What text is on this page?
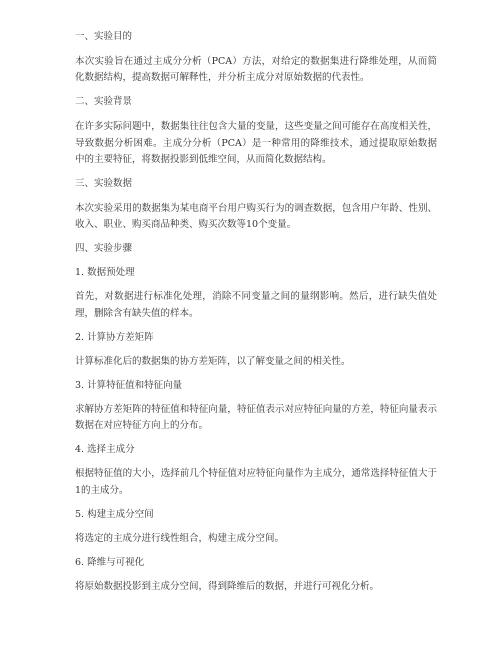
一、实验目的
本次实验旨在通过主成分分析（PCA）方法，对给定的数据集进行降维处理，从而简化数据结构，提高数据可解释性，并分析主成分对原始数据的代表性。
二、实验背景
在许多实际问题中，数据集往往包含大量的变量，这些变量之间可能存在高度相关性，导致数据分析困难。主成分分析（PCA）是一种常用的降维技术，通过提取原始数据中的主要特征，将数据投影到低维空间，从而简化数据结构。
三、实验数据
本次实验采用的数据集为某电商平台用户购买行为的调查数据，包含用户年龄、性别、收入、职业、购买商品种类、购买次数等10个变量。
四、实验步骤
1. 数据预处理
首先，对数据进行标准化处理，消除不同变量之间的量纲影响。然后，进行缺失值处理，删除含有缺失值的样本。
2. 计算协方差矩阵
计算标准化后的数据集的协方差矩阵，以了解变量之间的相关性。
3. 计算特征值和特征向量
求解协方差矩阵的特征值和特征向量，特征值表示对应特征向量的方差，特征向量表示数据在对应特征方向上的分布。
4. 选择主成分
根据特征值的大小，选择前几个特征值对应特征向量作为主成分，通常选择特征值大于1的主成分。
5. 构建主成分空间
将选定的主成分进行线性组合，构建主成分空间。
6. 降维与可视化
将原始数据投影到主成分空间，得到降维后的数据，并进行可视化分析。
